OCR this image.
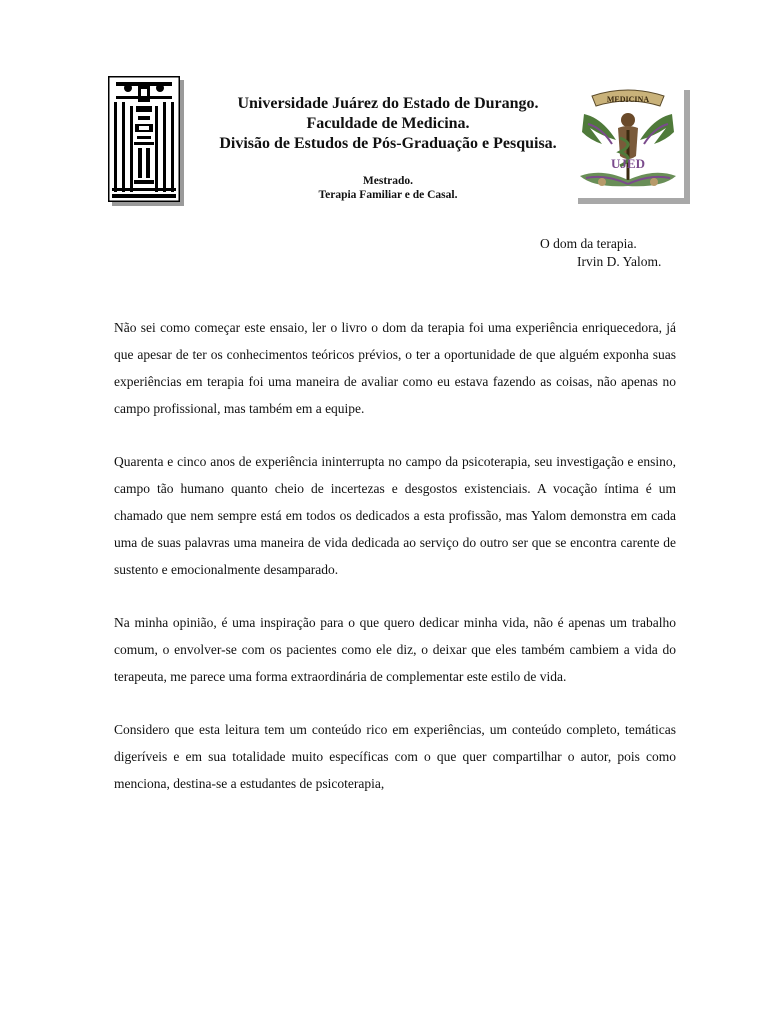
Universidade Juárez do Estado de Durango.
Faculdade de Medicina.
Divisão de Estudos de Pós-Graduação e Pesquisa.
Mestrado.
Terapia Familiar e de Casal.
MEDICINA
UJED
O dom da terapia.
Irvin D. Yalom.

Não sei como começar este ensaio, ler o livro o dom da terapia foi uma experiência enriquecedora, já que apesar de ter os conhecimentos teóricos prévios, o ter a oportunidade de que alguém exponha suas experiências em terapia foi uma maneira de avaliar como eu estava fazendo as coisas, não apenas no campo profissional, mas também em a equipe.

Quarenta e cinco anos de experiência ininterrupta no campo da psicoterapia, seu investigação e ensino, campo tão humano quanto cheio de incertezas e desgostos existenciais. A vocação íntima é um chamado que nem sempre está em todos os dedicados a esta profissão, mas Yalom demonstra em cada uma de suas palavras uma maneira de vida dedicada ao serviço do outro ser que se encontra carente de sustento e emocionalmente desamparado.

Na minha opinião, é uma inspiração para o que quero dedicar minha vida, não é apenas um trabalho comum, o envolver-se com os pacientes como ele diz, o deixar que eles também cambiem a vida do terapeuta, me parece uma forma extraordinária de complementar este estilo de vida.

Considero que esta leitura tem um conteúdo rico em experiências, um conteúdo completo, temáticas digeríveis e em sua totalidade muito específicas com o que quer compartilhar o autor, pois como menciona, destina-se a estudantes de psicoterapia,
